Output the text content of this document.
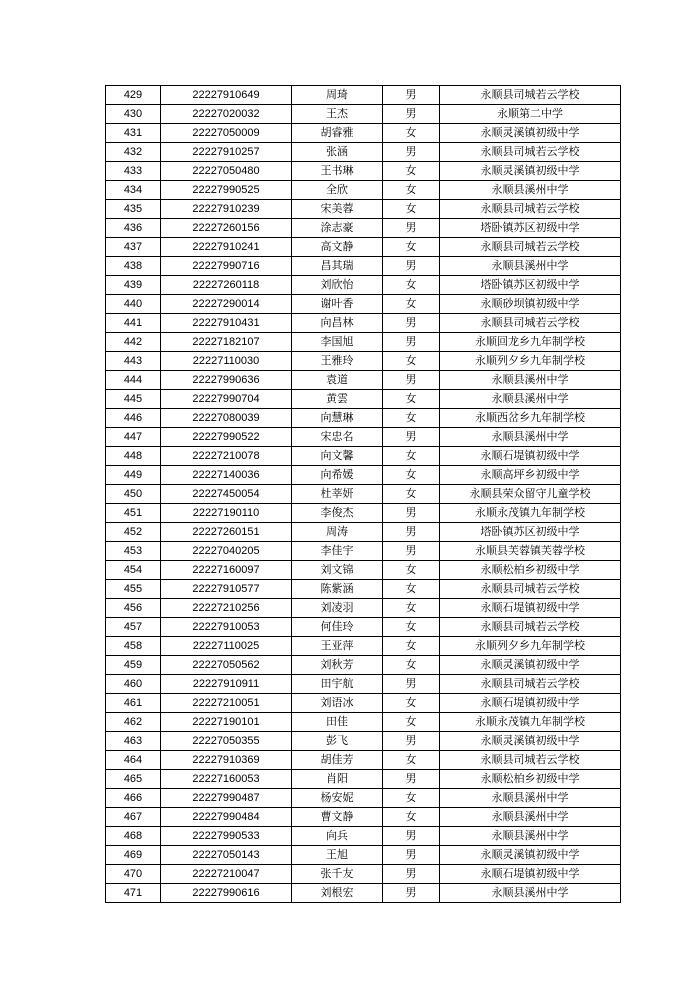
429	22227910649	周琦	男	永顺县司城若云学校
430	22227020032	王杰	男	永顺第二中学
431	22227050009	胡睿雅	女	永顺灵溪镇初级中学
432	22227910257	张涵	男	永顺县司城若云学校
433	22227050480	王书琳	女	永顺灵溪镇初级中学
434	22227990525	全欣	女	永顺县溪州中学
435	22227910239	宋美蓉	女	永顺县司城若云学校
436	22227260156	涂志豪	男	塔卧镇苏区初级中学
437	22227910241	高文静	女	永顺县司城若云学校
438	22227990716	昌其瑞	男	永顺县溪州中学
439	22227260118	刘欣怡	女	塔卧镇苏区初级中学
440	22227290014	谢叶香	女	永顺砂坝镇初级中学
441	22227910431	向昌林	男	永顺县司城若云学校
442	22227182107	李国旭	男	永顺回龙乡九年制学校
443	22227110030	王雅玲	女	永顺列夕乡九年制学校
444	22227990636	袁道	男	永顺县溪州中学
445	22227990704	黄雲	女	永顺县溪州中学
446	22227080039	向慧琳	女	永顺西岔乡九年制学校
447	22227990522	宋忠名	男	永顺县溪州中学
448	22227210078	向文馨	女	永顺石堤镇初级中学
449	22227140036	向希媛	女	永顺高坪乡初级中学
450	22227450054	杜莘妍	女	永顺县荣众留守儿童学校
451	22227190110	李俊杰	男	永顺永茂镇九年制学校
452	22227260151	周涛	男	塔卧镇苏区初级中学
453	22227040205	李佳宇	男	永顺县芙蓉镇芙蓉学校
454	22227160097	刘文锦	女	永顺松柏乡初级中学
455	22227910577	陈紫涵	女	永顺县司城若云学校
456	22227210256	刘凌羽	女	永顺石堤镇初级中学
457	22227910053	何佳玲	女	永顺县司城若云学校
458	22227110025	王亚萍	女	永顺列夕乡九年制学校
459	22227050562	刘秋芳	女	永顺灵溪镇初级中学
460	22227910911	田宇航	男	永顺县司城若云学校
461	22227210051	刘语冰	女	永顺石堤镇初级中学
462	22227190101	田佳	女	永顺永茂镇九年制学校
463	22227050355	彭飞	男	永顺灵溪镇初级中学
464	22227910369	胡佳芳	女	永顺县司城若云学校
465	22227160053	肖阳	男	永顺松柏乡初级中学
466	22227990487	杨安妮	女	永顺县溪州中学
467	22227990484	曹文静	女	永顺县溪州中学
468	22227990533	向兵	男	永顺县溪州中学
469	22227050143	王旭	男	永顺灵溪镇初级中学
470	22227210047	张千友	男	永顺石堤镇初级中学
471	22227990616	刘根宏	男	永顺县溪州中学
